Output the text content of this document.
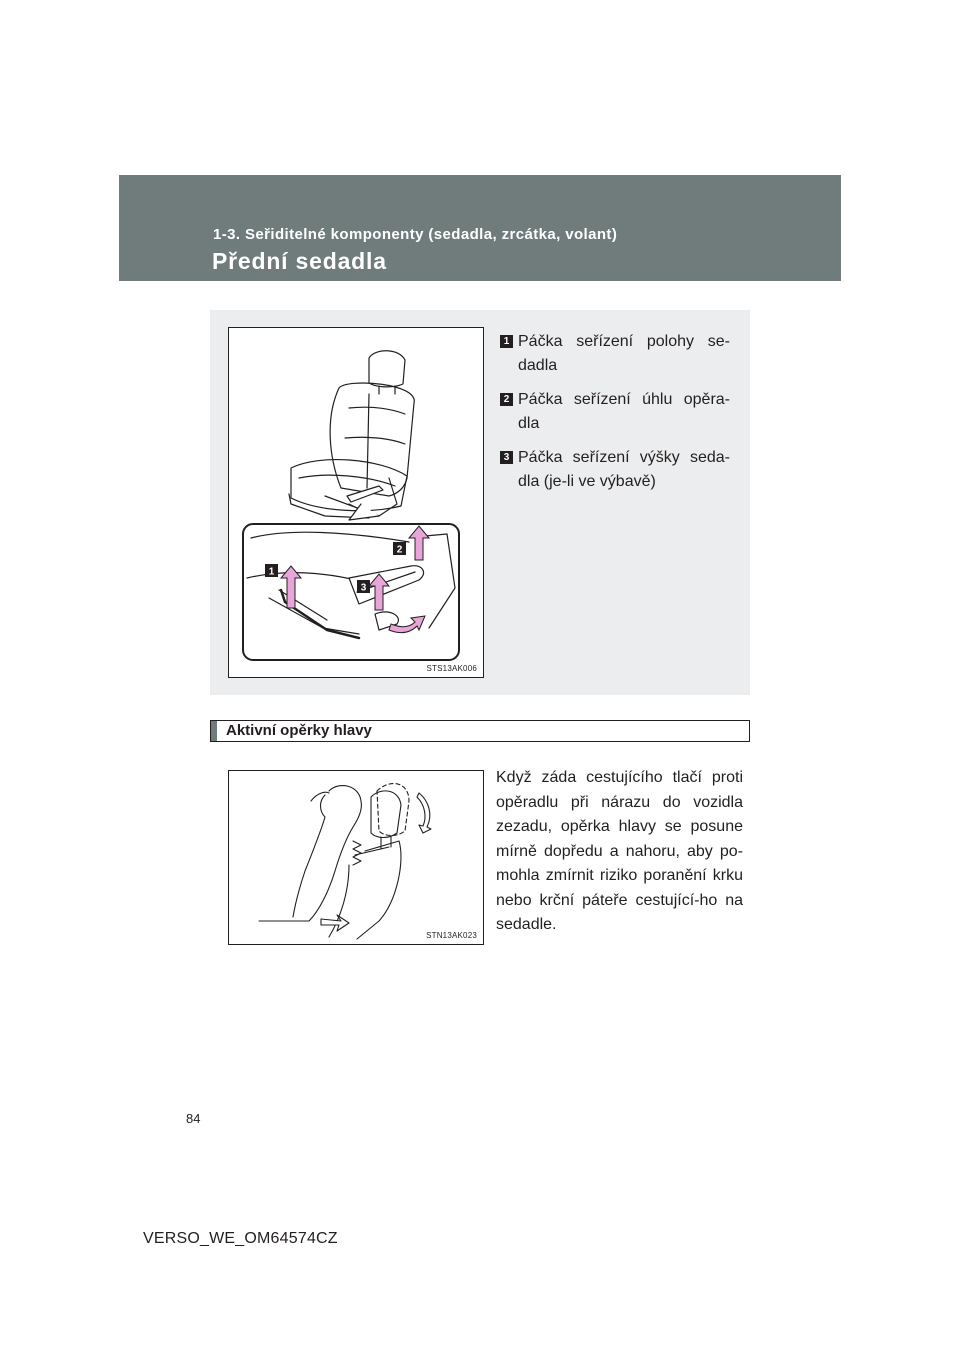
1-3. Seřiditelné komponenty (sedadla, zrcátka, volant)
Přední sedadla
1
2
3
STS13AK006
1 Páčka seřízení polohy se-dadla
2 Páčka seřízení úhlu opěra-dla
3 Páčka seřízení výšky seda-dla (je-li ve výbavě)
Aktivní opěrky hlavy
STN13AK023
Když záda cestujícího tlačí proti opěradlu při nárazu do vozidla zezadu, opěrka hlavy se posune mírně dopředu a nahoru, aby po-mohla zmírnit riziko poranění krku nebo krční páteře cestující-ho na sedadle.
84
VERSO_WE_OM64574CZ
